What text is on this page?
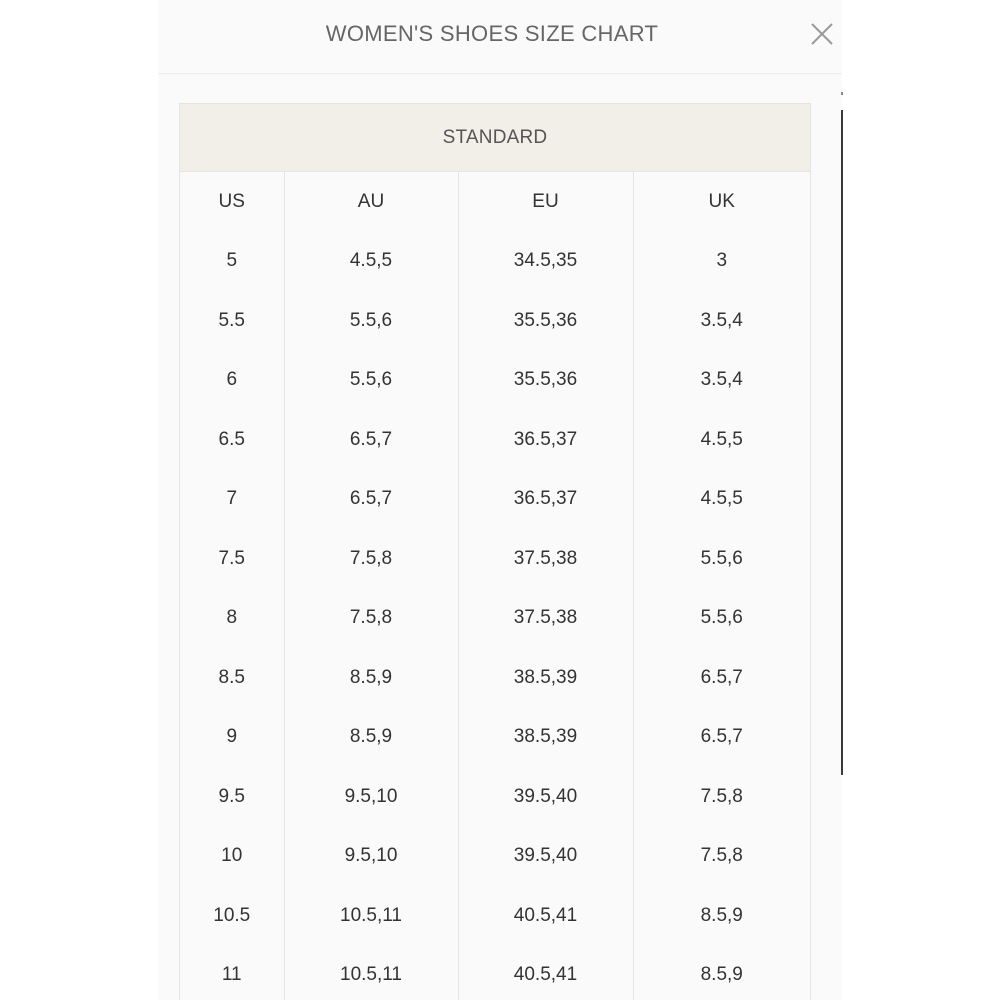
WOMEN'S SHOES SIZE CHART
STANDARD
US	AU	EU	UK
5	4.5,5	34.5,35	3
5.5	5.5,6	35.5,36	3.5,4
6	5.5,6	35.5,36	3.5,4
6.5	6.5,7	36.5,37	4.5,5
7	6.5,7	36.5,37	4.5,5
7.5	7.5,8	37.5,38	5.5,6
8	7.5,8	37.5,38	5.5,6
8.5	8.5,9	38.5,39	6.5,7
9	8.5,9	38.5,39	6.5,7
9.5	9.5,10	39.5,40	7.5,8
10	9.5,10	39.5,40	7.5,8
10.5	10.5,11	40.5,41	8.5,9
11	10.5,11	40.5,41	8.5,9
